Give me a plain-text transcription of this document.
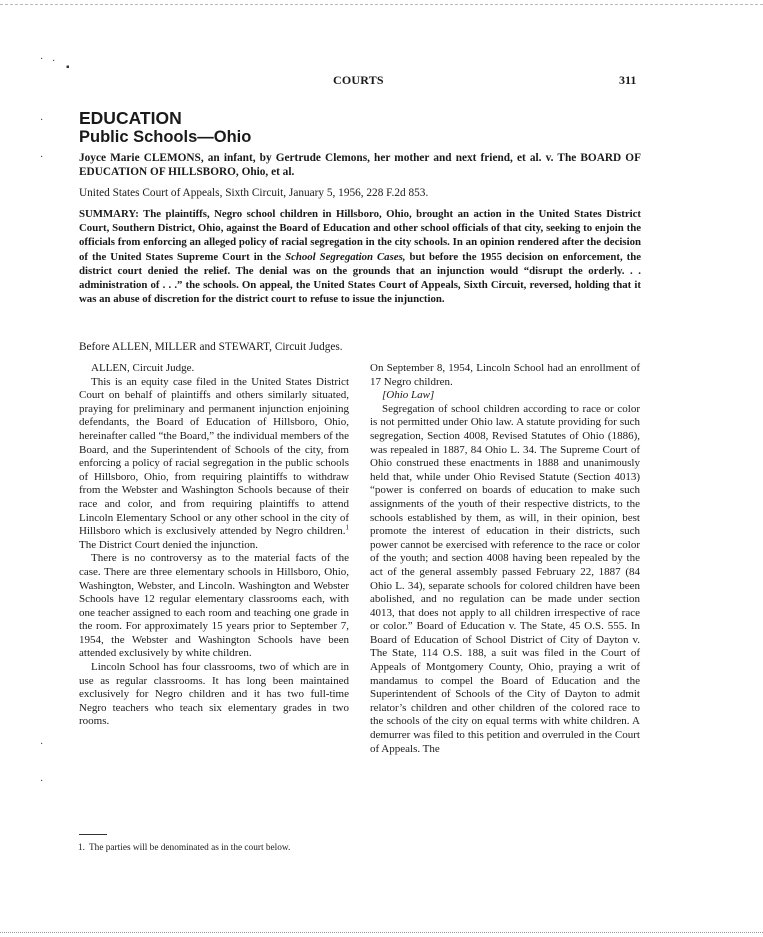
· ·
▪
·
·
·
·
COURTS	311
EDUCATION
Public Schools—Ohio
Joyce Marie CLEMONS, an infant, by Gertrude Clemons, her mother and next friend, et al. v. The BOARD OF EDUCATION OF HILLSBORO, Ohio, et al.
United States Court of Appeals, Sixth Circuit, January 5, 1956, 228 F.2d 853.
SUMMARY: The plaintiffs, Negro school children in Hillsboro, Ohio, brought an action in the United States District Court, Southern District, Ohio, against the Board of Education and other school officials of that city, seeking to enjoin the officials from enforcing an alleged policy of racial segregation in the city schools. In an opinion rendered after the decision of the United States Supreme Court in the School Segregation Cases, but before the 1955 decision on enforcement, the district court denied the relief. The denial was on the grounds that an injunction would “disrupt the orderly. . . administration of . . .” the schools. On appeal, the United States Court of Appeals, Sixth Circuit, reversed, holding that it was an abuse of discretion for the district court to refuse to issue the injunction.
Before ALLEN, MILLER and STEWART, Circuit Judges.

ALLEN, Circuit Judge.

This is an equity case filed in the United States District Court on behalf of plaintiffs and others similarly situated, praying for preliminary and permanent injunction enjoining defendants, the Board of Education of Hillsboro, Ohio, hereinafter called “the Board,” the individual members of the Board, and the Superintendent of Schools of the city, from enforcing a policy of racial segregation in the public schools of Hillsboro, Ohio, from requiring plaintiffs to withdraw from the Webster and Washington Schools because of their race and color, and from requiring plaintiffs to attend Lincoln Elementary School or any other school in the city of Hillsboro which is exclusively attended by Negro children.$^1$ The District Court denied the injunction.

There is no controversy as to the material facts of the case. There are three elementary schools in Hillsboro, Ohio, Washington, Webster, and Lincoln. Washington and Webster Schools have 12 regular elementary classrooms each, with one teacher assigned to each room and teaching one grade in the room. For approximately 15 years prior to September 7, 1954, the Webster and Washington Schools have been attended exclusively by white children.

Lincoln School has four classrooms, two of which are in use as regular classrooms. It has long been maintained exclusively for Negro children and it has two full-time Negro teachers who teach six elementary grades in two rooms.

On September 8, 1954, Lincoln School had an enrollment of 17 Negro children.

[Ohio Law]

Segregation of school children according to race or color is not permitted under Ohio law. A statute providing for such segregation, Section 4008, Revised Statutes of Ohio (1886), was repealed in 1887, 84 Ohio L. 34. The Supreme Court of Ohio construed these enactments in 1888 and unanimously held that, while under Ohio Revised Statute (Section 4013) “power is conferred on boards of education to make such assignments of the youth of their respective districts, to the schools established by them, as will, in their opinion, best promote the interest of education in their districts, such power cannot be exercised with reference to the race or color of the youth; and section 4008 having been repealed by the act of the general assembly passed February 22, 1887 (84 Ohio L. 34), separate schools for colored children have been abolished, and no regulation can be made under section 4013, that does not apply to all children irrespective of race or color.” Board of Education v. The State, 45 O.S. 555. In Board of Education of School District of City of Dayton v. The State, 114 O.S. 188, a suit was filed in the Court of Appeals of Montgomery County, Ohio, praying a writ of mandamus to compel the Board of Education and the Superintendent of Schools of the City of Dayton to admit relator’s children and other children of the colored race to the schools of the city on equal terms with white children. A demurrer was filed to this petition and overruled in the Court of Appeals. The

1. The parties will be denominated as in the court below.
